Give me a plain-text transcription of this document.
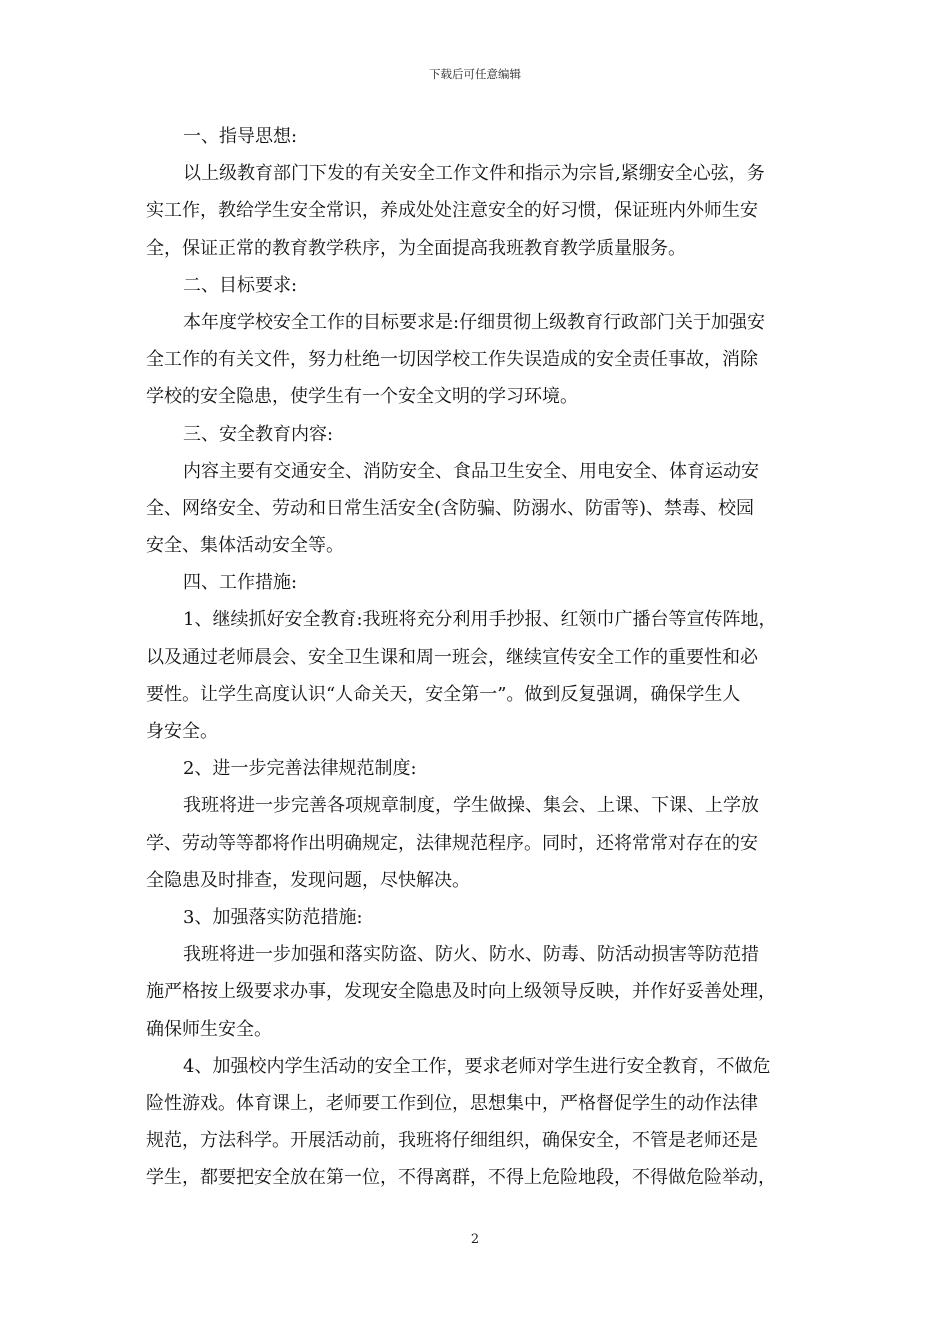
下载后可任意编辑
一、指导思想:
以上级教育部门下发的有关安全工作文件和指示为宗旨,紧绷安全心弦，务
实工作，教给学生安全常识，养成处处注意安全的好习惯，保证班内外师生安
全，保证正常的教育教学秩序，为全面提高我班教育教学质量服务。
二、目标要求:
本年度学校安全工作的目标要求是:仔细贯彻上级教育行政部门关于加强安
全工作的有关文件，努力杜绝一切因学校工作失误造成的安全责任事故，消除
学校的安全隐患，使学生有一个安全文明的学习环境。
三、安全教育内容:
内容主要有交通安全、消防安全、食品卫生安全、用电安全、体育运动安
全、网络安全、劳动和日常生活安全(含防骗、防溺水、防雷等)、禁毒、校园
安全、集体活动安全等。
四、工作措施:
1、继续抓好安全教育:我班将充分利用手抄报、红领巾广播台等宣传阵地，
以及通过老师晨会、安全卫生课和周一班会，继续宣传安全工作的重要性和必
要性。让学生高度认识“人命关天，安全第一”。做到反复强调，确保学生人
身安全。
2、进一步完善法律规范制度:
我班将进一步完善各项规章制度，学生做操、集会、上课、下课、上学放
学、劳动等等都将作出明确规定，法律规范程序。同时，还将常常对存在的安
全隐患及时排查，发现问题，尽快解决。
3、加强落实防范措施:
我班将进一步加强和落实防盗、防火、防水、防毒、防活动损害等防范措
施严格按上级要求办事，发现安全隐患及时向上级领导反映，并作好妥善处理，
确保师生安全。
4、加强校内学生活动的安全工作，要求老师对学生进行安全教育，不做危
险性游戏。体育课上，老师要工作到位，思想集中，严格督促学生的动作法律
规范，方法科学。开展活动前，我班将仔细组织，确保安全，不管是老师还是
学生，都要把安全放在第一位，不得离群，不得上危险地段，不得做危险举动，
2
